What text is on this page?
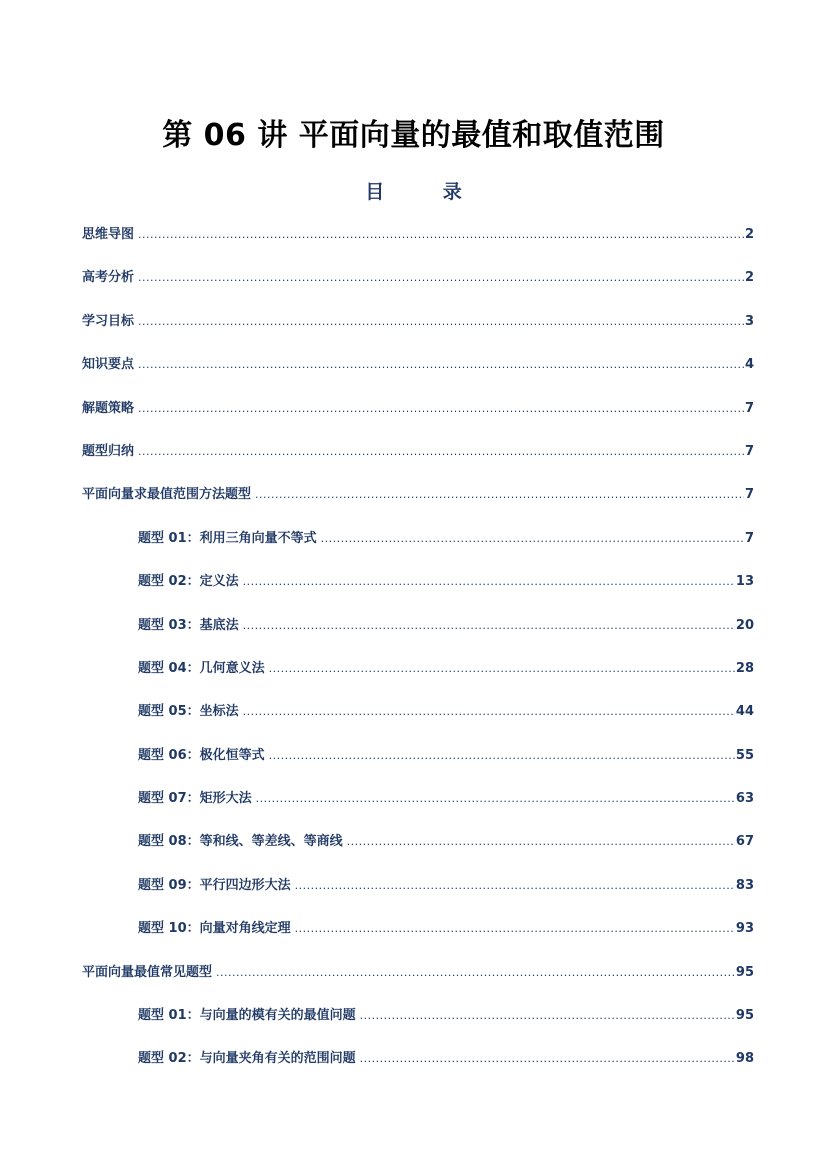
第 06 讲 平面向量的最值和取值范围
目 录
思维导图 .....	2
高考分析 .....	2
学习目标 .....	3
知识要点 .....	4
解题策略 .....	7
题型归纳 .....	7
平面向量求最值范围方法题型 .....	7
题型 01：利用三角向量不等式 .....	7
题型 02：定义法 .....	13
题型 03：基底法 .....	20
题型 04：几何意义法 .....	28
题型 05：坐标法 .....	44
题型 06：极化恒等式 .....	55
题型 07：矩形大法 .....	63
题型 08：等和线、等差线、等商线 .....	67
题型 09：平行四边形大法 .....	83
题型 10：向量对角线定理 .....	93
平面向量最值常见题型 .....	95
题型 01：与向量的模有关的最值问题 .....	95
题型 02：与向量夹角有关的范围问题 .....	98
